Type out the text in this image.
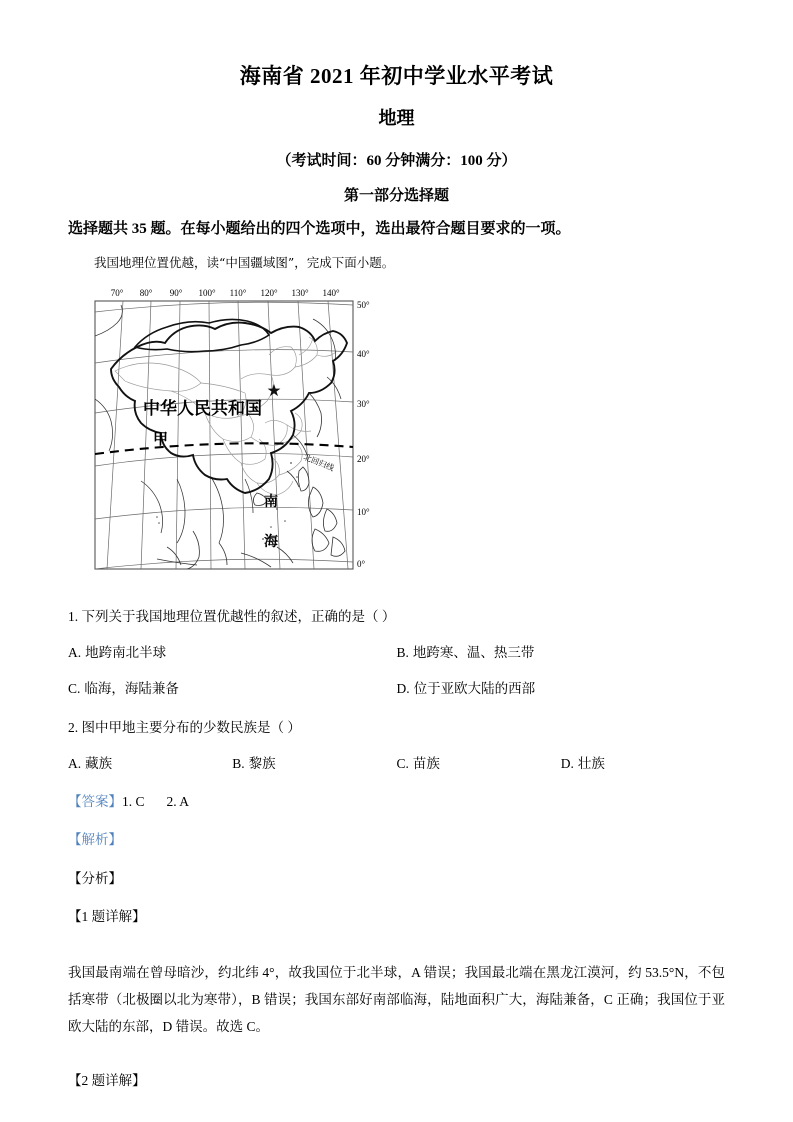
海南省 2021 年初中学业水平考试
地理

（考试时间：60 分钟满分：100 分）

第一部分选择题

选择题共 35 题。在每小题给出的四个选项中，选出最符合题目要求的一项。

我国地理位置优越，读“中国疆域图”，完成下面小题。

70° 80° 90° 100° 110° 120° 130° 140°
50°
40°
30°
20°
10°
0°
中华人民共和国
甲
南
海
北回归线

1. 下列关于我国地理位置优越性的叙述，正确的是（ ）

A. 地跨南北半球	B. 地跨寒、温、热三带
C. 临海，海陆兼备	D. 位于亚欧大陆的西部

2. 图中甲地主要分布的少数民族是（ ）

A. 藏族	B. 黎族	C. 苗族	D. 壮族
【答案】1. C 2. A
【解析】
【分析】
【1 题详解】

我国最南端在曾母暗沙，约北纬 4°，故我国位于北半球，A 错误；我国最北端在黑龙江漠河，约 53.5°N，不包括寒带（北极圈以北为寒带），B 错误；我国东部好南部临海，陆地面积广大，海陆兼备，C 正确；我国位于亚欧大陆的东部，D 错误。故选 C。

【2 题详解】
